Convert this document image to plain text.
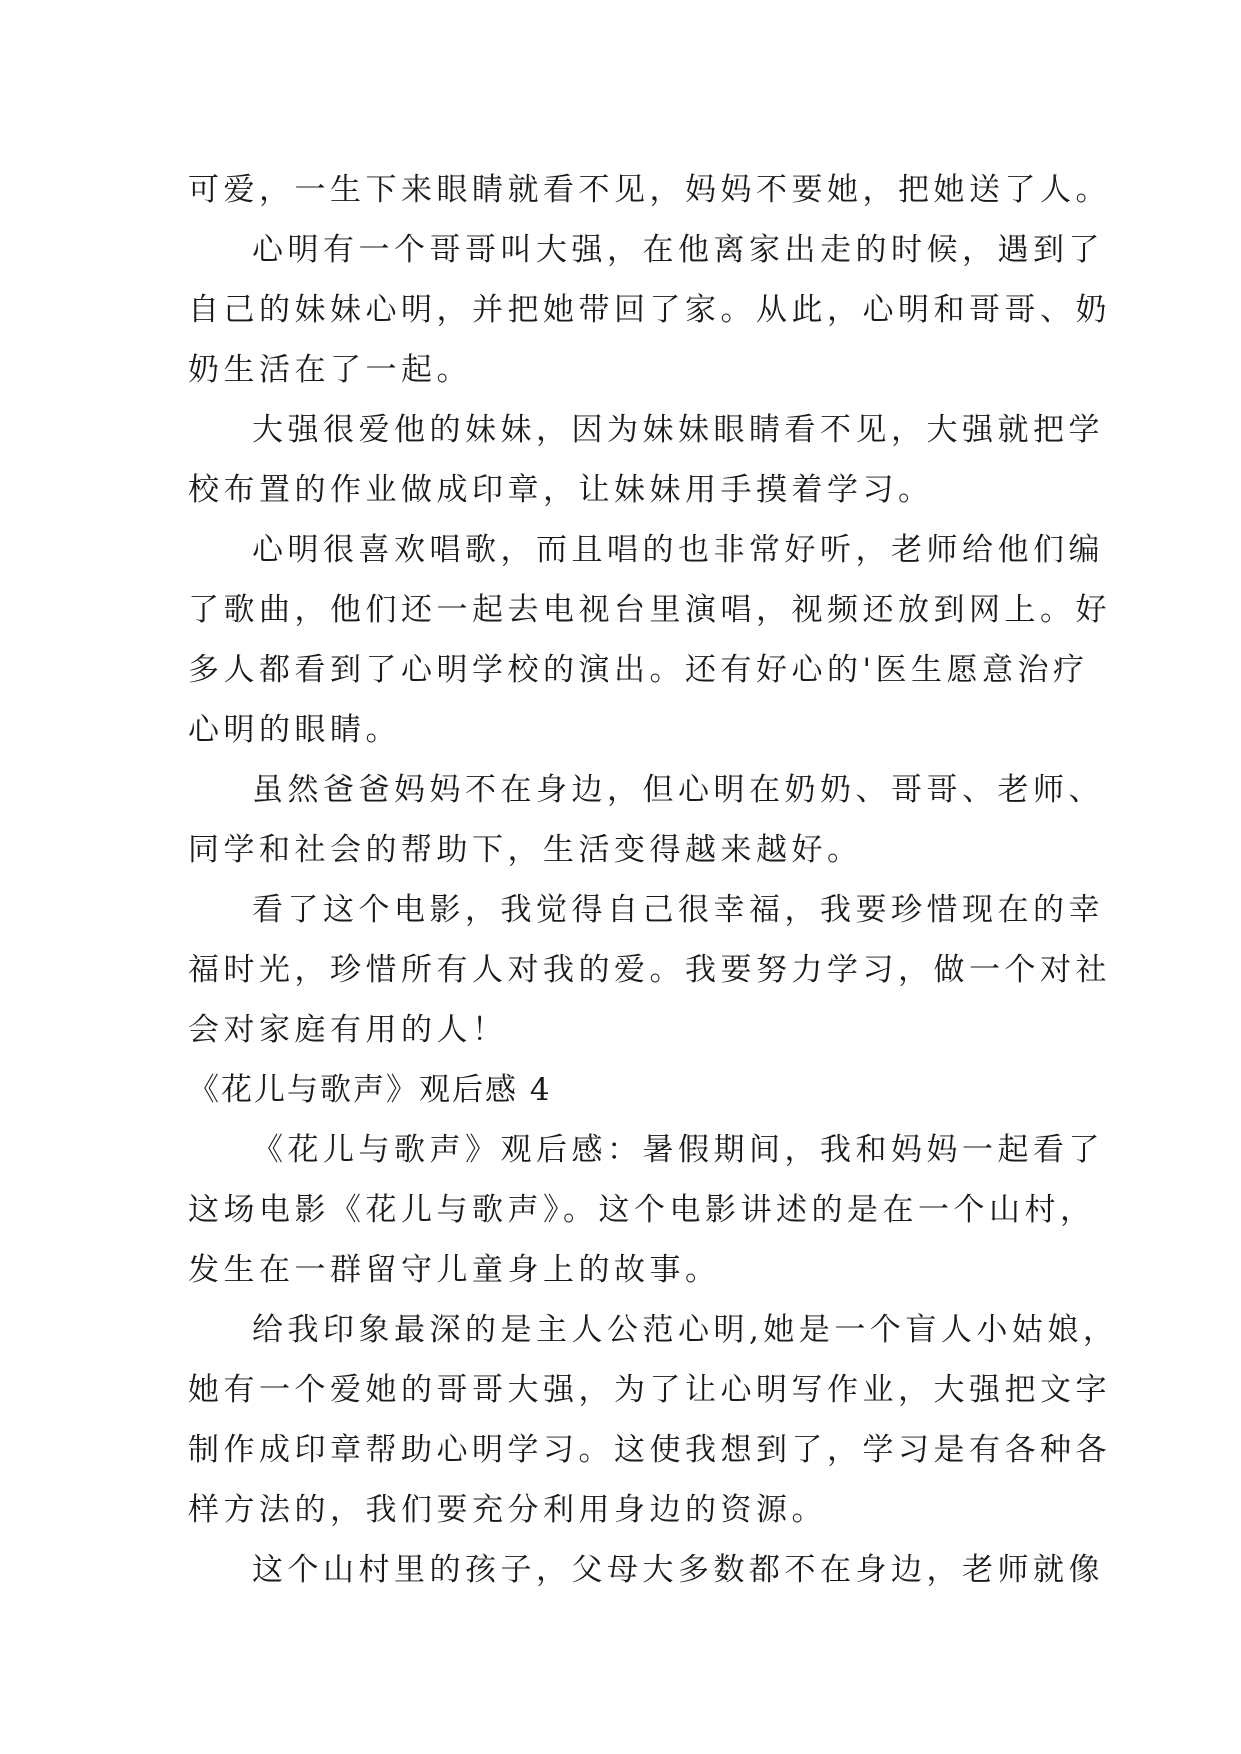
可爱，一生下来眼睛就看不见，妈妈不要她，把她送了人。
心明有一个哥哥叫大强，在他离家出走的时候，遇到了
自己的妹妹心明，并把她带回了家。从此，心明和哥哥、奶
奶生活在了一起。
大强很爱他的妹妹，因为妹妹眼睛看不见，大强就把学
校布置的作业做成印章，让妹妹用手摸着学习。
心明很喜欢唱歌，而且唱的也非常好听，老师给他们编
了歌曲，他们还一起去电视台里演唱，视频还放到网上。好
多人都看到了心明学校的演出。还有好心的'医生愿意治疗
心明的眼睛。
虽然爸爸妈妈不在身边，但心明在奶奶、哥哥、老师、
同学和社会的帮助下，生活变得越来越好。
看了这个电影，我觉得自己很幸福，我要珍惜现在的幸
福时光，珍惜所有人对我的爱。我要努力学习，做一个对社
会对家庭有用的人！
《花儿与歌声》观后感 4
《花儿与歌声》观后感：暑假期间，我和妈妈一起看了
这场电影《花儿与歌声》。这个电影讲述的是在一个山村，
发生在一群留守儿童身上的故事。
给我印象最深的是主人公范心明,她是一个盲人小姑娘，
她有一个爱她的哥哥大强，为了让心明写作业，大强把文字
制作成印章帮助心明学习。这使我想到了，学习是有各种各
样方法的，我们要充分利用身边的资源。
这个山村里的孩子，父母大多数都不在身边，老师就像
